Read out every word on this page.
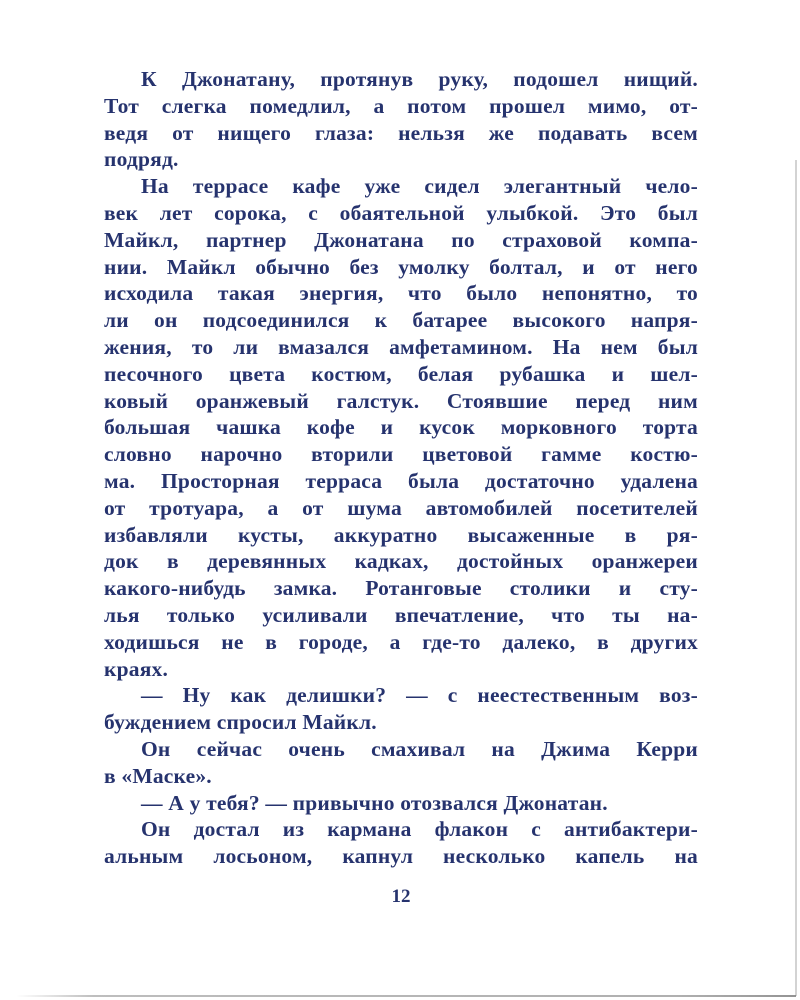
К Джонатану, протянув руку, подошел нищий.
Тот слегка помедлил, а потом прошел мимо, от-
ведя от нищего глаза: нельзя же подавать всем
подряд.
На террасе кафе уже сидел элегантный чело-
век лет сорока, с обаятельной улыбкой. Это был
Майкл, партнер Джонатана по страховой компа-
нии. Майкл обычно без умолку болтал, и от него
исходила такая энергия, что было непонятно, то
ли он подсоединился к батарее высокого напря-
жения, то ли вмазался амфетамином. На нем был
песочного цвета костюм, белая рубашка и шел-
ковый оранжевый галстук. Стоявшие перед ним
большая чашка кофе и кусок морковного торта
словно нарочно вторили цветовой гамме костю-
ма. Просторная терраса была достаточно удалена
от тротуара, а от шума автомобилей посетителей
избавляли кусты, аккуратно высаженные в ря-
док в деревянных кадках, достойных оранжереи
какого-нибудь замка. Ротанговые столики и сту-
лья только усиливали впечатление, что ты на-
ходишься не в городе, а где-то далеко, в других
краях.
— Ну как делишки? — с неестественным воз-
буждением спросил Майкл.
Он сейчас очень смахивал на Джима Керри
в «Маске».
— А у тебя? — привычно отозвался Джонатан.
Он достал из кармана флакон с антибактери-
альным лосьоном, капнул несколько капель на
12
